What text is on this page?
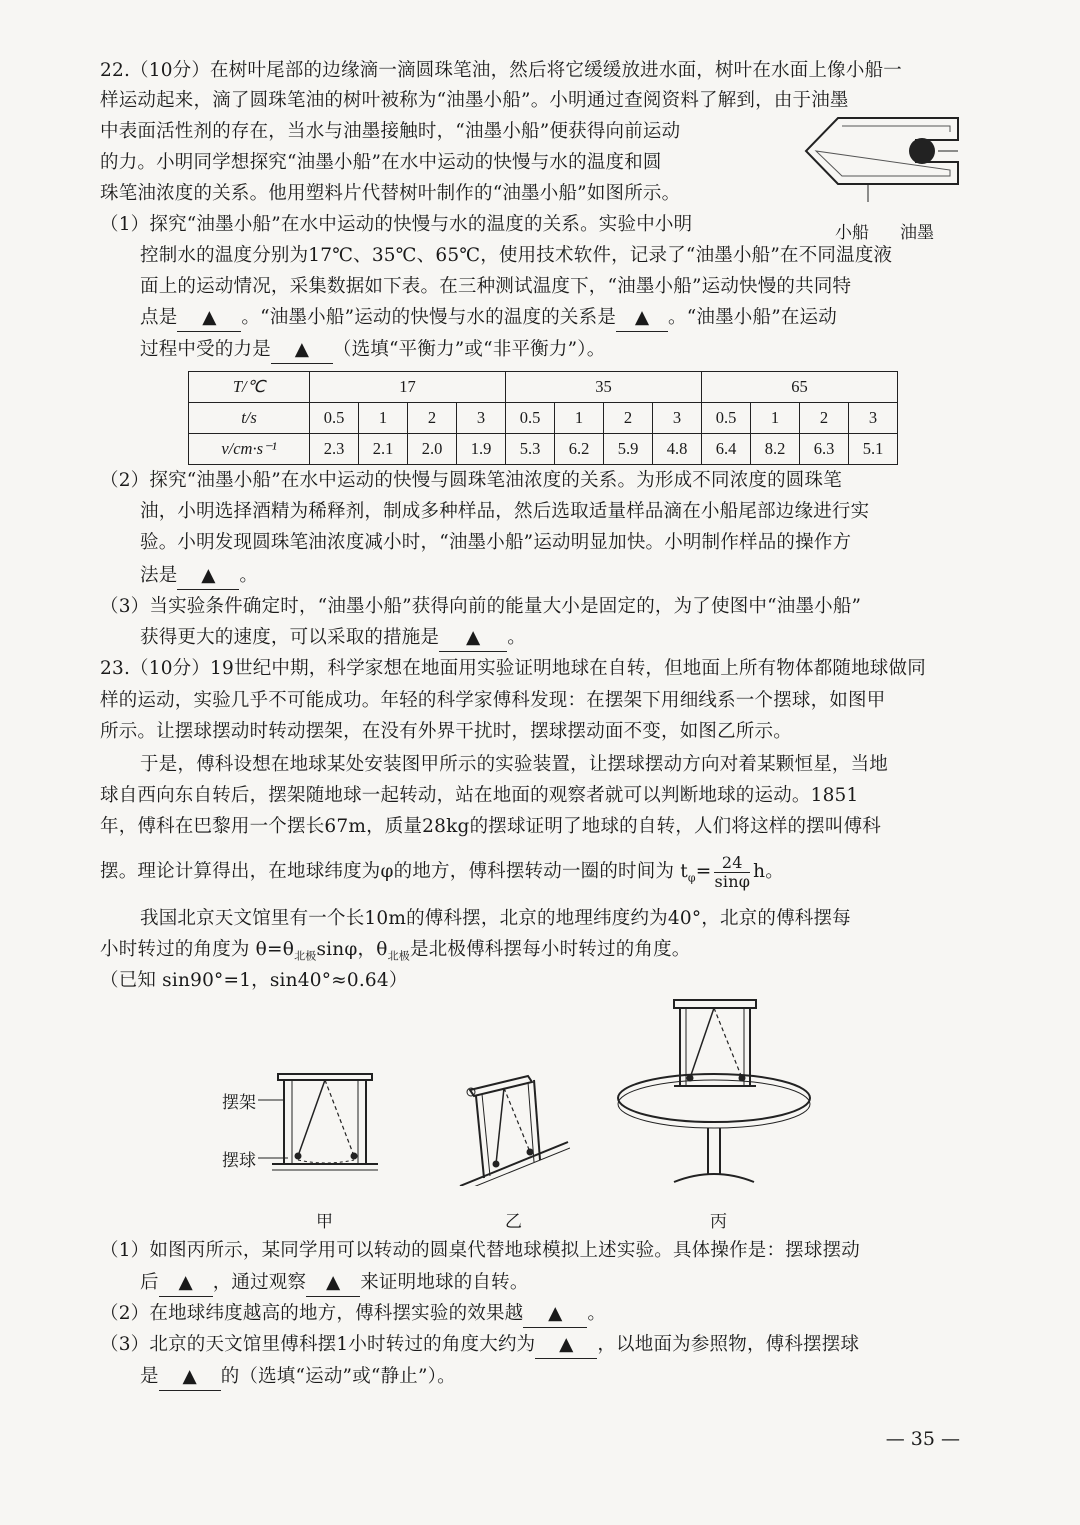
22.（10分）在树叶尾部的边缘滴一滴圆珠笔油，然后将它缓缓放进水面，树叶在水面上像小船一
样运动起来，滴了圆珠笔油的树叶被称为“油墨小船”。小明通过查阅资料了解到，由于油墨
中表面活性剂的存在，当水与油墨接触时，“油墨小船”便获得向前运动
的力。小明同学想探究“油墨小船”在水中运动的快慢与水的温度和圆
珠笔油浓度的关系。他用塑料片代替树叶制作的“油墨小船”如图所示。
小船 油墨
（1）探究“油墨小船”在水中运动的快慢与水的温度的关系。实验中小明
控制水的温度分别为17℃、35℃、65℃，使用技术软件，记录了“油墨小船”在不同温度液
面上的运动情况，采集数据如下表。在三种测试温度下，“油墨小船”运动快慢的共同特
点是 ▲ 。“油墨小船”运动的快慢与水的温度的关系是 ▲ 。“油墨小船”在运动
过程中受的力是 ▲ （选填“平衡力”或“非平衡力”）。
T/℃	17				35				65			
t/s	0.5	1	2	3	0.5	1	2	3	0.5	1	2	3
v/cm·s⁻¹	2.3	2.1	2.0	1.9	5.3	6.2	5.9	4.8	6.4	8.2	6.3	5.1
（2）探究“油墨小船”在水中运动的快慢与圆珠笔油浓度的关系。为形成不同浓度的圆珠笔
油，小明选择酒精为稀释剂，制成多种样品，然后选取适量样品滴在小船尾部边缘进行实
验。小明发现圆珠笔油浓度减小时，“油墨小船”运动明显加快。小明制作样品的操作方
法是 ▲ 。
（3）当实验条件确定时，“油墨小船”获得向前的能量大小是固定的，为了使图中“油墨小船”
获得更大的速度，可以采取的措施是 ▲ 。
23.（10分）19世纪中期，科学家想在地面用实验证明地球在自转，但地面上所有物体都随地球做同
样的运动，实验几乎不可能成功。年轻的科学家傅科发现：在摆架下用细线系一个摆球，如图甲
所示。让摆球摆动时转动摆架，在没有外界干扰时，摆球摆动面不变，如图乙所示。
于是，傅科设想在地球某处安装图甲所示的实验装置，让摆球摆动方向对着某颗恒星，当地
球自西向东自转后，摆架随地球一起转动，站在地面的观察者就可以判断地球的运动。1851
年，傅科在巴黎用一个摆长67m，质量28kg的摆球证明了地球的自转，人们将这样的摆叫傅科
摆。理论计算得出，在地球纬度为φ的地方，傅科摆转动一圈的时间为 $t_\varphi= \frac{24}{\sin\varphi}$ h。
我国北京天文馆里有一个长10m的傅科摆，北京的地理纬度约为40°，北京的傅科摆每
小时转过的角度为 $\theta=\theta_{北极}\sin\varphi$，$\theta_{北极}$是北极傅科摆每小时转过的角度。
（已知 sin90°=1，sin40°≈0.64）
摆架
摆球
甲	乙	丙
（1）如图丙所示，某同学用可以转动的圆桌代替地球模拟上述实验。具体操作是：摆球摆动
后 ▲ ，通过观察 ▲ 来证明地球的自转。
（2）在地球纬度越高的地方，傅科摆实验的效果越 ▲ 。
（3）北京的天文馆里傅科摆1小时转过的角度大约为 ▲ ，以地面为参照物，傅科摆摆球
是 ▲ 的（选填“运动”或“静止”）。
— 35 —
